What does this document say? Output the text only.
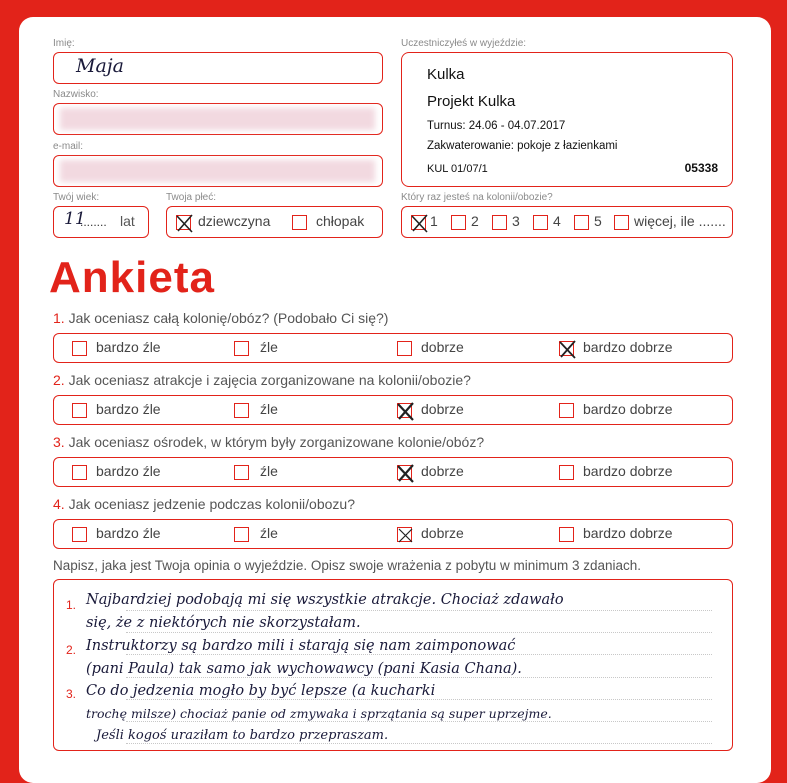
Imię:
Maja
Nazwisko:
e-mail:
Twój wiek:
11
........ lat
Twoja płeć:
dziewczyna	chłopak
Uczestniczyłeś w wyjeździe:
Kulka
Projekt Kulka
Turnus: 24.06 - 04.07.2017
Zakwaterowanie: pokoje z łazienkami
KUL 01/07/1	05338
Który raz jesteś na kolonii/obozie?
1 2 3 4 5 więcej, ile .......
Ankieta
1. Jak oceniasz całą kolonię/obóz? (Podobało Ci się?)
bardzo źle	źle	dobrze	bardzo dobrze
2. Jak oceniasz atrakcje i zajęcia zorganizowane na kolonii/obozie?
bardzo źle	źle	dobrze	bardzo dobrze
3. Jak oceniasz ośrodek, w którym były zorganizowane kolonie/obóz?
bardzo źle	źle	dobrze	bardzo dobrze
4. Jak oceniasz jedzenie podczas kolonii/obozu?
bardzo źle	źle	dobrze	bardzo dobrze
Napisz, jaka jest Twoja opinia o wyjeździe. Opisz swoje wrażenia z pobytu w minimum 3 zdaniach.
1.
2.
3.
Najbardziej podobają mi się wszystkie atrakcje. Chociaż zdawało
się, że z niektórych nie skorzystałam.
Instruktorzy są bardzo mili i starają się nam zaimponować
(pani Paula) tak samo jak wychowawcy (pani Kasia Chana).
Co do jedzenia mogło by być lepsze (a kucharki
trochę milsze) chociaż panie od zmywaka i sprzątania są super uprzejme.
Jeśli kogoś uraziłam to bardzo przepraszam.
